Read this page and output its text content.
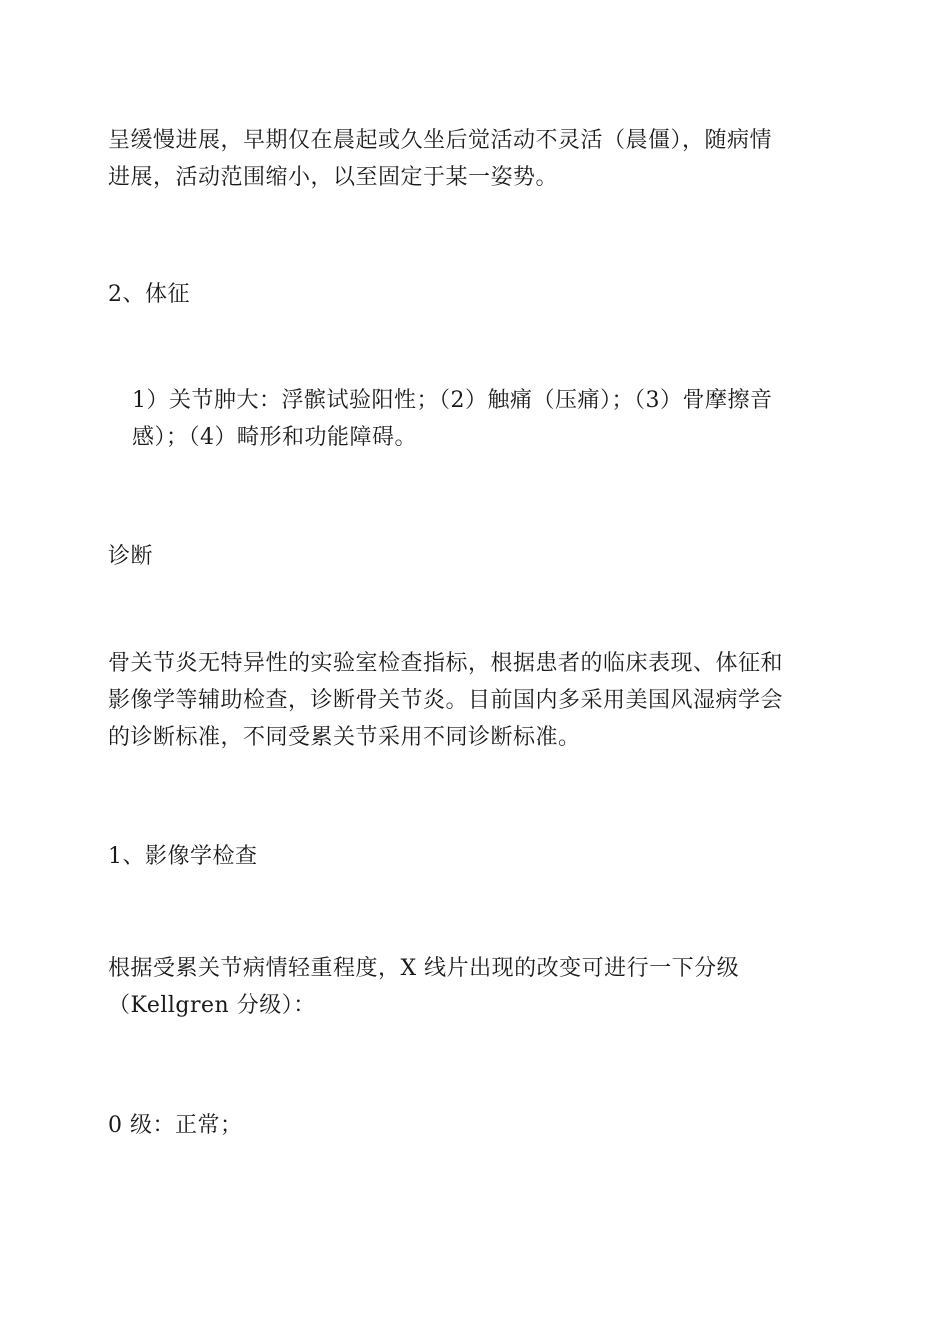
呈缓慢进展，早期仅在晨起或久坐后觉活动不灵活（晨僵），随病情
进展，活动范围缩小，以至固定于某一姿势。

2、体征

1）关节肿大：浮髌试验阳性；（2）触痛（压痛）；（3）骨摩擦音
感）；（4）畸形和功能障碍。

诊断

骨关节炎无特异性的实验室检查指标，根据患者的临床表现、体征和
影像学等辅助检查，诊断骨关节炎。目前国内多采用美国风湿病学会
的诊断标准，不同受累关节采用不同诊断标准。

1、影像学检查

根据受累关节病情轻重程度，X 线片出现的改变可进行一下分级
（Kellgren 分级）：

0 级：正常；
